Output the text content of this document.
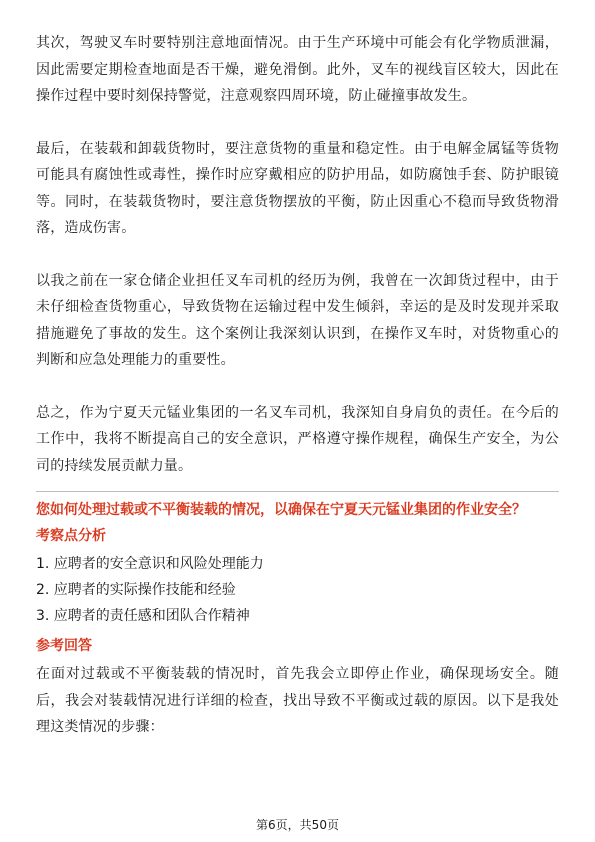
其次，驾驶叉车时要特别注意地面情况。由于生产环境中可能会有化学物质泄漏，因此需要定期检查地面是否干燥，避免滑倒。此外，叉车的视线盲区较大，因此在操作过程中要时刻保持警觉，注意观察四周环境，防止碰撞事故发生。

最后，在装载和卸载货物时，要注意货物的重量和稳定性。由于电解金属锰等货物可能具有腐蚀性或毒性，操作时应穿戴相应的防护用品，如防腐蚀手套、防护眼镜等。同时，在装载货物时，要注意货物摆放的平衡，防止因重心不稳而导致货物滑落，造成伤害。

以我之前在一家仓储企业担任叉车司机的经历为例，我曾在一次卸货过程中，由于未仔细检查货物重心，导致货物在运输过程中发生倾斜，幸运的是及时发现并采取措施避免了事故的发生。这个案例让我深刻认识到，在操作叉车时，对货物重心的判断和应急处理能力的重要性。

总之，作为宁夏天元锰业集团的一名叉车司机，我深知自身肩负的责任。在今后的工作中，我将不断提高自己的安全意识，严格遵守操作规程，确保生产安全，为公司的持续发展贡献力量。

您如何处理过载或不平衡装载的情况，以确保在宁夏天元锰业集团的作业安全？
考察点分析

1. 应聘者的安全意识和风险处理能力

2. 应聘者的实际操作技能和经验

3. 应聘者的责任感和团队合作精神

参考回答

在面对过载或不平衡装载的情况时，首先我会立即停止作业，确保现场安全。随后，我会对装载情况进行详细的检查，找出导致不平衡或过载的原因。以下是我处理这类情况的步骤：

第6页，共50页
